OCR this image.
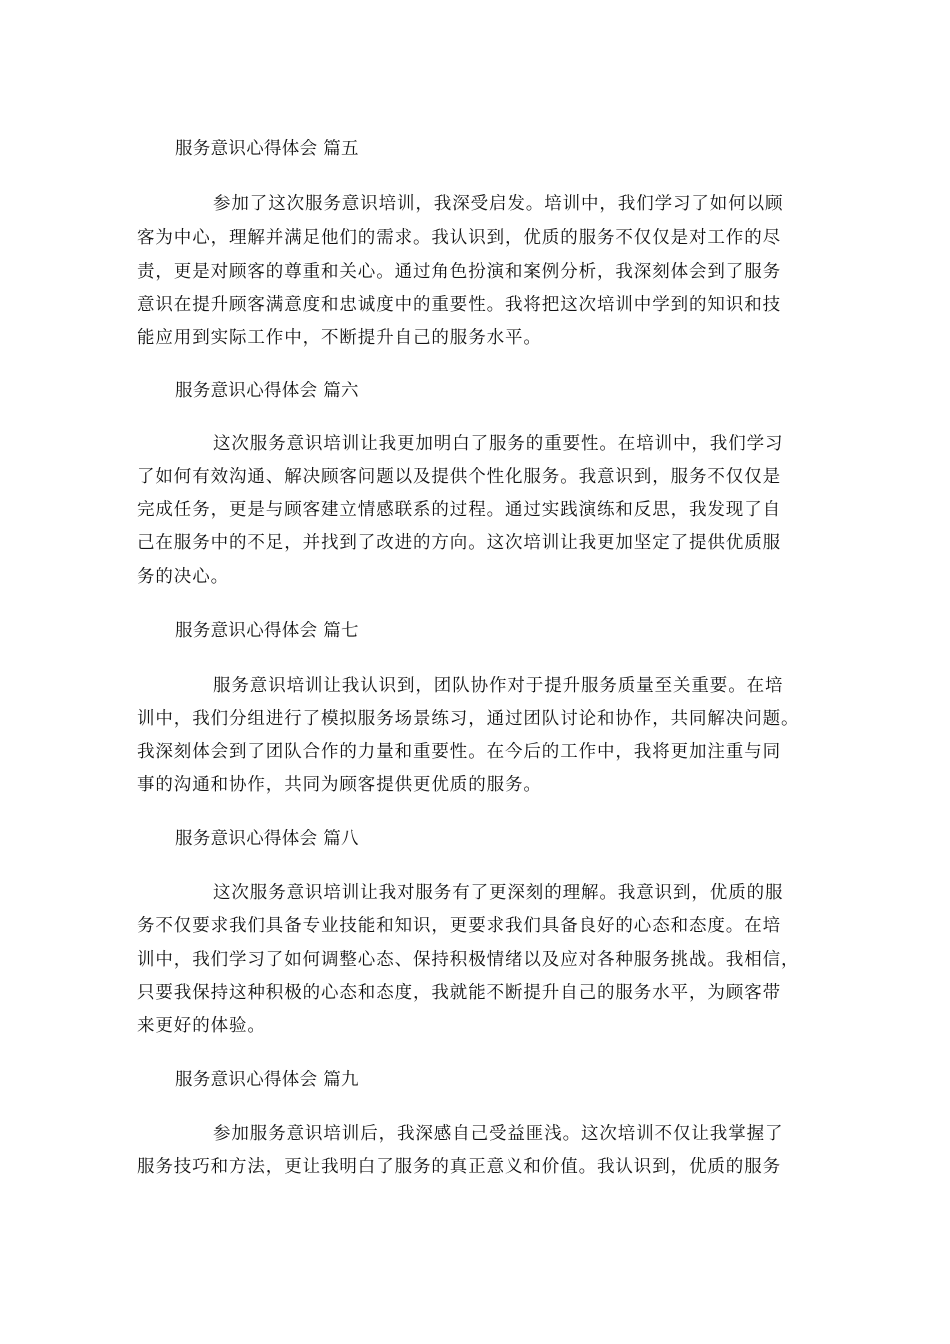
服务意识心得体会 篇五
参加了这次服务意识培训，我深受启发。培训中，我们学习了如何以顾
客为中心，理解并满足他们的需求。我认识到，优质的服务不仅仅是对工作的尽
责，更是对顾客的尊重和关心。通过角色扮演和案例分析，我深刻体会到了服务
意识在提升顾客满意度和忠诚度中的重要性。我将把这次培训中学到的知识和技
能应用到实际工作中，不断提升自己的服务水平。
服务意识心得体会 篇六
这次服务意识培训让我更加明白了服务的重要性。在培训中，我们学习
了如何有效沟通、解决顾客问题以及提供个性化服务。我意识到，服务不仅仅是
完成任务，更是与顾客建立情感联系的过程。通过实践演练和反思，我发现了自
己在服务中的不足，并找到了改进的方向。这次培训让我更加坚定了提供优质服
务的决心。
服务意识心得体会 篇七
服务意识培训让我认识到，团队协作对于提升服务质量至关重要。在培
训中，我们分组进行了模拟服务场景练习，通过团队讨论和协作，共同解决问题。
我深刻体会到了团队合作的力量和重要性。在今后的工作中，我将更加注重与同
事的沟通和协作，共同为顾客提供更优质的服务。
服务意识心得体会 篇八
这次服务意识培训让我对服务有了更深刻的理解。我意识到，优质的服
务不仅要求我们具备专业技能和知识，更要求我们具备良好的心态和态度。在培
训中，我们学习了如何调整心态、保持积极情绪以及应对各种服务挑战。我相信，
只要我保持这种积极的心态和态度，我就能不断提升自己的服务水平，为顾客带
来更好的体验。
服务意识心得体会 篇九
参加服务意识培训后，我深感自己受益匪浅。这次培训不仅让我掌握了
服务技巧和方法，更让我明白了服务的真正意义和价值。我认识到，优质的服务
